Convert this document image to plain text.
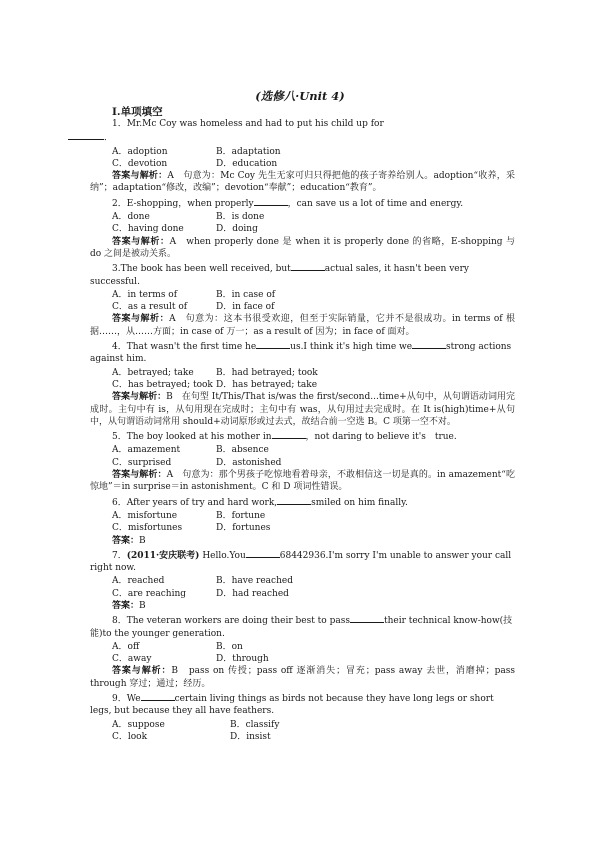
(选修八·Unit 4)
Ⅰ.单项填空
1．Mr.Mc Coy was homeless and had to put his child up for
．
A．adoption	B．adaptation
C．devotion	D．education
答案与解析：A　句意为：Mc Coy 先生无家可归只得把他的孩子寄养给别人。adoption“收养，采纳”；adaptation“修改，改编”；devotion“奉献”；education“教育”。
2．E-shopping，when properly	，can save us a lot of time and energy.
A．done	B．is done
C．having done	D．doing
答案与解析：A　when properly done 是 when it is properly done 的省略，E-shopping 与 do 之间是被动关系。
3.The book has been well received, but	actual sales, it hasn't been very successful.
A．in terms of	B．in case of
C．as a result of	D．in face of
答案与解析：A　句意为：这本书很受欢迎，但至于实际销量，它并不是很成功。in terms of 根据……，从……方面；in case of 万一；as a result of 因为；in face of 面对。
4．That wasn't the first time he	us.I think it's high time we	strong actions against him.
A．betrayed; take	B．had betrayed; took
C．has betrayed; took D．has betrayed; take
答案与解析：B　在句型 It/This/That is/was the first/second...time+从句中，从句谓语动词用完成时。主句中有 is，从句用现在完成时；主句中有 was，从句用过去完成时。在 It is(high)time+从句中，从句谓语动词常用 should+动词原形或过去式，故结合前一空选 B。C 项第一空不对。
5．The boy looked at his mother in	，not daring to believe it's　true.
A．amazement	B．absence
C．surprised	D．astonished
答案与解析：A　句意为：那个男孩子吃惊地看着母亲，不敢相信这一切是真的。in amazement“吃惊地”＝in surprise＝in astonishment。C 和 D 项词性错误。
6．After years of try and hard work,	smiled on him finally.
A．misfortune	B．fortune
C．misfortunes	D．fortunes
答案：B
7．(2011·安庆联考) Hello.You	68442936.I'm sorry I'm unable to answer your call right now.
A．reached	B．have reached
C．are reaching	D．had reached
答案：B
8．The veteran workers are doing their best to pass	their technical know-how(技能)to the younger generation.
A．off	B．on
C．away	D．through
答案与解析：B　pass on 传授；pass off 逐渐消失；冒充；pass away 去世，消磨掉；pass through 穿过；通过；经历。
9．We	certain living things as birds not because they have long legs or short legs, but because they all have feathers.
A．suppose	B．classify
C．look	D．insist
